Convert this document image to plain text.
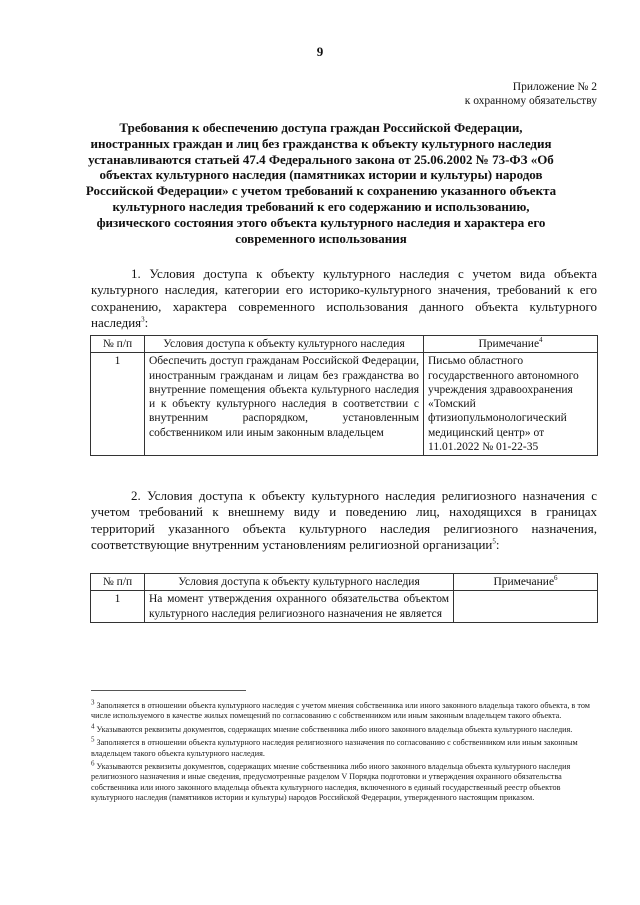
9
Приложение № 2
к охранному обязательству
Требования к обеспечению доступа граждан Российской Федерации, иностранных граждан и лиц без гражданства к объекту культурного наследия устанавливаются статьей 47.4 Федерального закона от 25.06.2002 № 73-ФЗ «Об объектах культурного наследия (памятниках истории и культуры) народов Российской Федерации» с учетом требований к сохранению указанного объекта культурного наследия требований к его содержанию и использованию, физического состояния этого объекта культурного наследия и характера его современного использования

1. Условия доступа к объекту культурного наследия с учетом вида объекта культурного наследия, категории его историко-культурного значения, требований к его сохранению, характера современного использования данного объекта культурного наследия$^3$:

№ п/п	Условия доступа к объекту культурного наследия	Примечание$^4$
1	Обеспечить доступ гражданам Российской Федерации, иностранным гражданам и лицам без гражданства во внутренние помещения объекта культурного наследия и к объекту культурного наследия в соответствии с внутренним распорядком, установленным собственником или иным законным владельцем	Письмо областного государственного автономного учреждения здравоохранения «Томский фтизиопульмонологический медицинский центр» от 11.01.2022 № 01-22-35

2. Условия доступа к объекту культурного наследия религиозного назначения с учетом требований к внешнему виду и поведению лиц, находящихся в границах территорий указанного объекта культурного наследия религиозного назначения, соответствующие внутренним установлениям религиозной организации$^5$:

№ п/п	Условия доступа к объекту культурного наследия	Примечание$^6$
1	На момент утверждения охранного обязательства объектом культурного наследия религиозного назначения не является	

$^3$ Заполняется в отношении объекта культурного наследия с учетом мнения собственника или иного законного владельца такого объекта, в том числе используемого в качестве жилых помещений по согласованию с собственником или иным законным владельцем такого объекта.

$^4$ Указываются реквизиты документов, содержащих мнение собственника либо иного законного владельца объекта культурного наследия.

$^5$ Заполняется в отношении объекта культурного наследия религиозного назначения по согласованию с собственником или иным законным владельцем такого объекта культурного наследия.

$^6$ Указываются реквизиты документов, содержащих мнение собственника либо иного законного владельца объекта культурного наследия религиозного назначения и иные сведения, предусмотренные разделом V Порядка подготовки и утверждения охранного обязательства собственника или иного законного владельца объекта культурного наследия, включенного в единый государственный реестр объектов культурного наследия (памятников истории и культуры) народов Российской Федерации, утвержденного настоящим приказом.
